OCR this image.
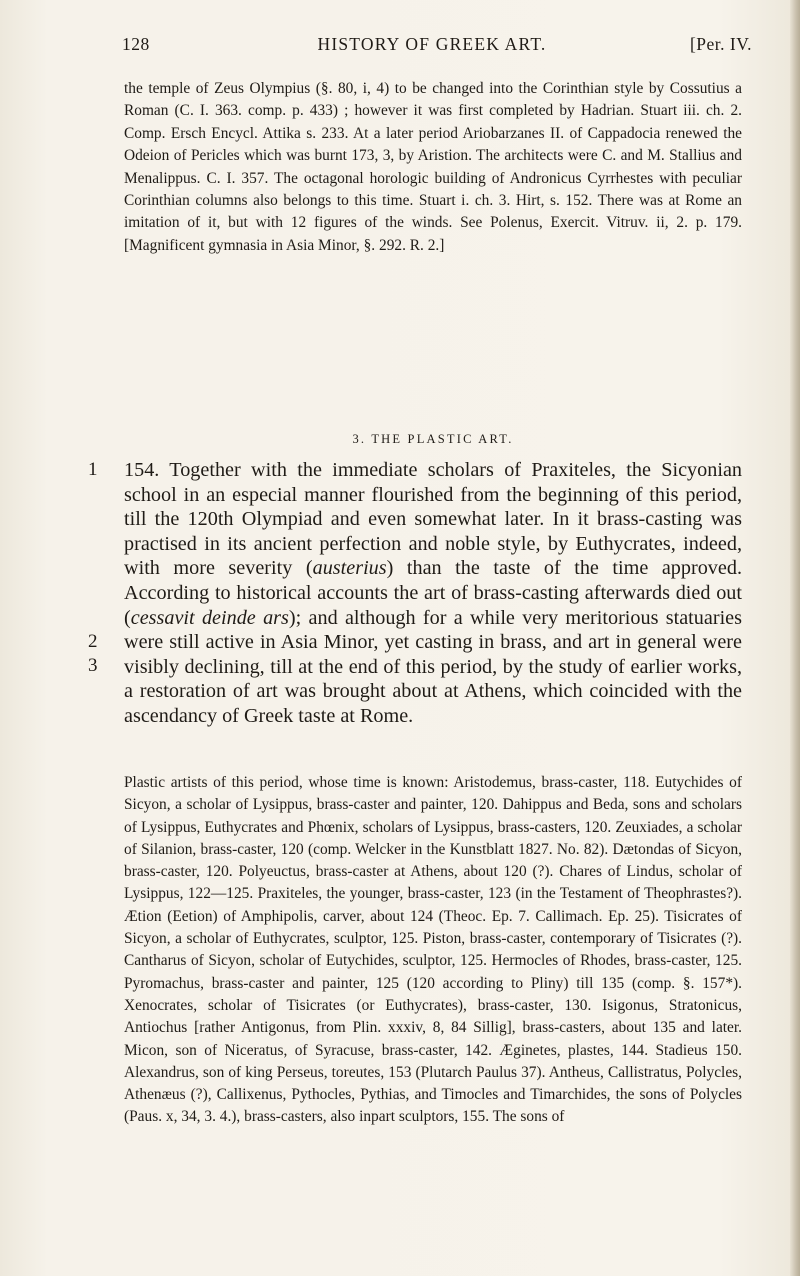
128	HISTORY OF GREEK ART.	[Per. IV.

the temple of Zeus Olympius (§. 80, i, 4) to be changed into the Corinthian style by Cossutius a Roman (C. I. 363. comp. p. 433) ; however it was first completed by Hadrian. Stuart iii. ch. 2. Comp. Ersch Encycl. Attika s. 233. At a later period Ariobarzanes II. of Cappadocia renewed the Odeion of Pericles which was burnt 173, 3, by Aristion. The architects were C. and M. Stallius and Menalippus. C. I. 357. The octagonal horologic building of Andronicus Cyrrhestes with peculiar Corinthian columns also belongs to this time. Stuart i. ch. 3. Hirt, s. 152. There was at Rome an imitation of it, but with 12 figures of the winds. See Polenus, Exercit. Vitruv. ii, 2. p. 179. [Magnificent gymnasia in Asia Minor, §. 292. R. 2.]

3. THE PLASTIC ART.
1
2
3

154. Together with the immediate scholars of Praxiteles, the Sicyonian school in an especial manner flourished from the beginning of this period, till the 120th Olympiad and even somewhat later. In it brass-casting was practised in its ancient perfection and noble style, by Euthycrates, indeed, with more severity (austerius) than the taste of the time approved. According to historical accounts the art of brass-casting afterwards died out (cessavit deinde ars); and although for a while very meritorious statuaries were still active in Asia Minor, yet casting in brass, and art in general were visibly declining, till at the end of this period, by the study of earlier works, a restoration of art was brought about at Athens, which coincided with the ascendancy of Greek taste at Rome.

Plastic artists of this period, whose time is known: Aristodemus, brass-caster, 118. Eutychides of Sicyon, a scholar of Lysippus, brass-caster and painter, 120. Dahippus and Beda, sons and scholars of Lysippus, Euthycrates and Phœnix, scholars of Lysippus, brass-casters, 120. Zeuxiades, a scholar of Silanion, brass-caster, 120 (comp. Welcker in the Kunstblatt 1827. No. 82). Dætondas of Sicyon, brass-caster, 120. Polyeuctus, brass-caster at Athens, about 120 (?). Chares of Lindus, scholar of Lysippus, 122—125. Praxiteles, the younger, brass-caster, 123 (in the Testament of Theophrastes?). Ætion (Eetion) of Amphipolis, carver, about 124 (Theoc. Ep. 7. Callimach. Ep. 25). Tisicrates of Sicyon, a scholar of Euthycrates, sculptor, 125. Piston, brass-caster, contemporary of Tisicrates (?). Cantharus of Sicyon, scholar of Eutychides, sculptor, 125. Hermocles of Rhodes, brass-caster, 125. Pyromachus, brass-caster and painter, 125 (120 according to Pliny) till 135 (comp. §. 157*). Xenocrates, scholar of Tisicrates (or Euthycrates), brass-caster, 130. Isigonus, Stratonicus, Antiochus [rather Antigonus, from Plin. xxxiv, 8, 84 Sillig], brass-casters, about 135 and later. Micon, son of Niceratus, of Syracuse, brass-caster, 142. Æginetes, plastes, 144. Stadieus 150. Alexandrus, son of king Perseus, toreutes, 153 (Plutarch Paulus 37). Antheus, Callistratus, Polycles, Athenæus (?), Callixenus, Pythocles, Pythias, and Timocles and Timarchides, the sons of Polycles (Paus. x, 34, 3. 4.), brass-casters, also inpart sculptors, 155. The sons of
